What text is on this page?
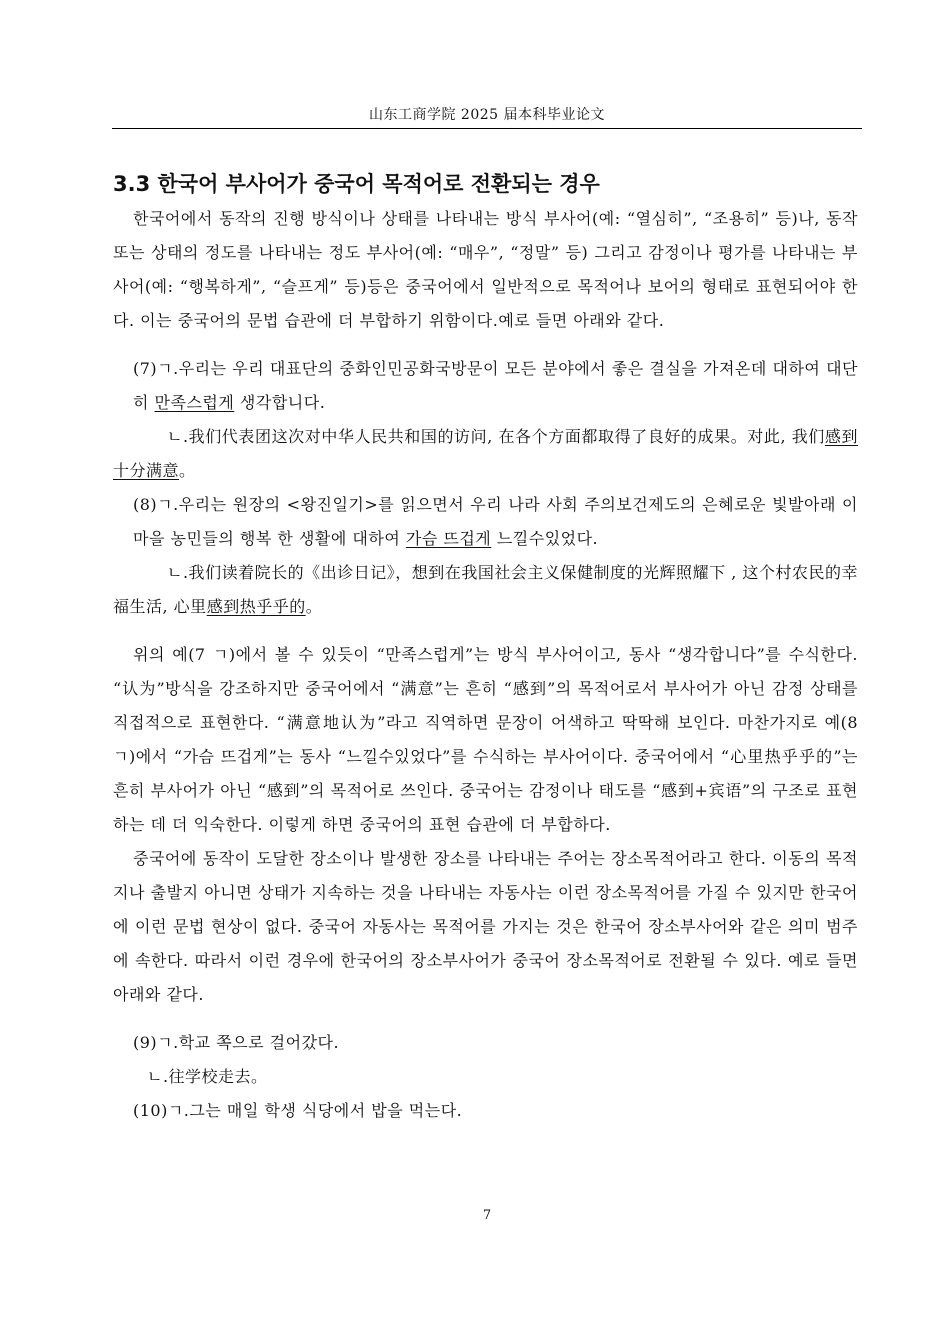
山东工商学院 2025 届本科毕业论文
3.3 한국어 부사어가 중국어 목적어로 전환되는 경우

한국어에서 동작의 진행 방식이나 상태를 나타내는 방식 부사어(예: “열심히”, “조용히” 등)나, 동작 또는 상태의 정도를 나타내는 정도 부사어(예: “매우”, “정말” 등) 그리고 감정이나 평가를 나타내는 부사어(예: “행복하게”, “슬프게” 등)등은 중국어에서 일반적으로 목적어나 보어의 형태로 표현되어야 한다. 이는 중국어의 문법 습관에 더 부합하기 위함이다.예로 들면 아래와 같다.

(7)ㄱ.우리는 우리 대표단의 중화인민공화국방문이 모든 분야에서 좋은 결실을 가져온데 대하여 대단히 만족스럽게 생각합니다.

ㄴ.我们代表团这次对中华人民共和国的访问, 在各个方面都取得了良好的成果。对此, 我们感到十分满意。

(8)ㄱ.우리는 원장의 <왕진일기>를 읽으면서 우리 나라 사회 주의보건제도의 은혜로운 빛발아래 이 마을 농민들의 행복 한 생활에 대하여 가슴 뜨겁게 느낄수있었다.

ㄴ.我们读着院长的《出诊日记》，想到在我国社会主义保健制度的光辉照耀下 , 这个村农民的幸福生活, 心里感到热乎乎的。

위의 예(7 ㄱ)에서 볼 수 있듯이 “만족스럽게”는 방식 부사어이고, 동사 “생각합니다”를 수식한다. “认为”방식을 강조하지만 중국어에서 “满意”는 흔히 “感到”의 목적어로서 부사어가 아닌 감정 상태를 직접적으로 표현한다. “满意地认为”라고 직역하면 문장이 어색하고 딱딱해 보인다. 마찬가지로 예(8 ㄱ)에서 “가슴 뜨겁게”는 동사 “느낄수있었다”를 수식하는 부사어이다. 중국어에서 “心里热乎乎的”는 흔히 부사어가 아닌 “感到”의 목적어로 쓰인다. 중국어는 감정이나 태도를 “感到+宾语”의 구조로 표현하는 데 더 익숙한다. 이렇게 하면 중국어의 표현 습관에 더 부합하다.

중국어에 동작이 도달한 장소이나 발생한 장소를 나타내는 주어는 장소목적어라고 한다. 이동의 목적지나 출발지 아니면 상태가 지속하는 것을 나타내는 자동사는 이런 장소목적어를 가질 수 있지만 한국어에 이런 문법 현상이 없다. 중국어 자동사는 목적어를 가지는 것은 한국어 장소부사어와 같은 의미 범주에 속한다. 따라서 이런 경우에 한국어의 장소부사어가 중국어 장소목적어로 전환될 수 있다. 예로 들면 아래와 같다.

(9)ㄱ.학교 쪽으로 걸어갔다.

ㄴ.往学校走去。

(10)ㄱ.그는 매일 학생 식당에서 밥을 먹는다.

7
